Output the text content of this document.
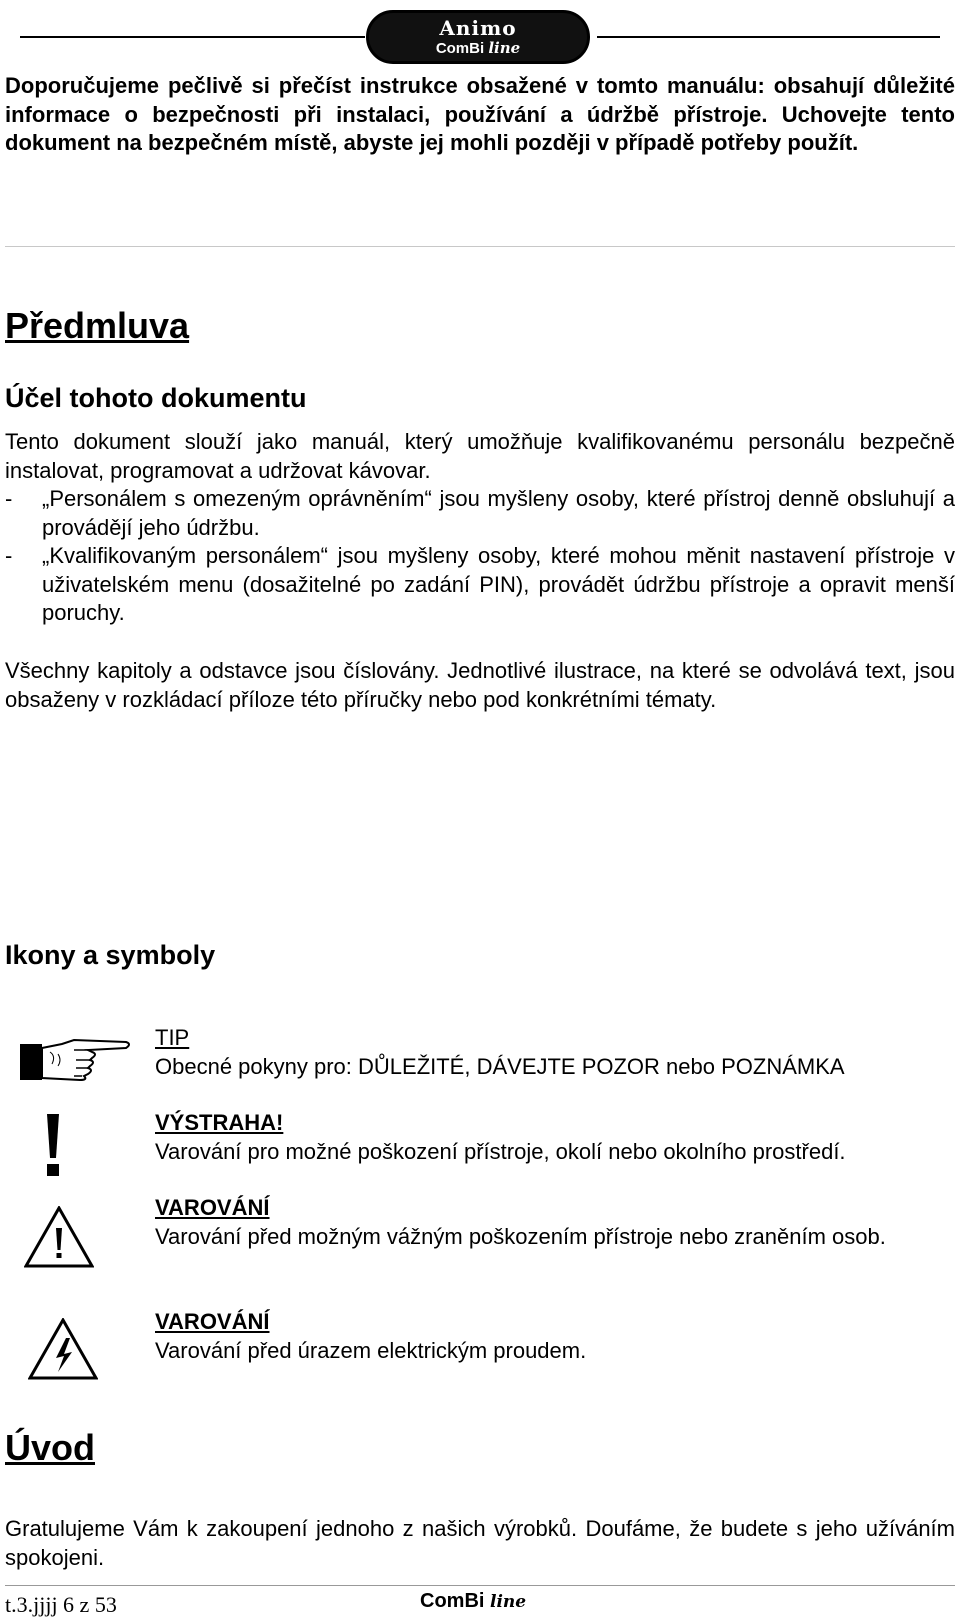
Animo
ComBi line
Doporučujeme pečlivě si přečíst instrukce obsažené v tomto manuálu: obsahují důležité informace o bezpečnosti při instalaci, používání a údržbě přístroje. Uchovejte tento dokument na bezpečném místě, abyste jej mohli později v případě potřeby použít.
Předmluva
Účel tohoto dokumentu
Tento dokument slouží jako manuál, který umožňuje kvalifikovanému personálu bezpečně instalovat, programovat a udržovat kávovar.
- „Personálem s omezeným oprávněním“ jsou myšleny osoby, které přístroj denně obsluhují a provádějí jeho údržbu.
- „Kvalifikovaným personálem“ jsou myšleny osoby, které mohou měnit nastavení přístroje v uživatelském menu (dosažitelné po zadání PIN), provádět údržbu přístroje a opravit menší poruchy.
Všechny kapitoly a odstavce jsou číslovány. Jednotlivé ilustrace, na které se odvolává text, jsou obsaženy v rozkládací příloze této příručky nebo pod konkrétními tématy.
Ikony a symboly
TIP
Obecné pokyny pro: DŮLEŽITÉ, DÁVEJTE POZOR nebo POZNÁMKA
VÝSTRAHA!
Varování pro možné poškození přístroje, okolí nebo okolního prostředí.
VAROVÁNÍ
Varování před možným vážným poškozením přístroje nebo zraněním osob.
VAROVÁNÍ
Varování před úrazem elektrickým proudem.
Úvod
Gratulujeme Vám k zakoupení jednoho z našich výrobků. Doufáme, že budete s jeho užíváním spokojeni.
t.3.jjjj 6 z 53	ComBi line
